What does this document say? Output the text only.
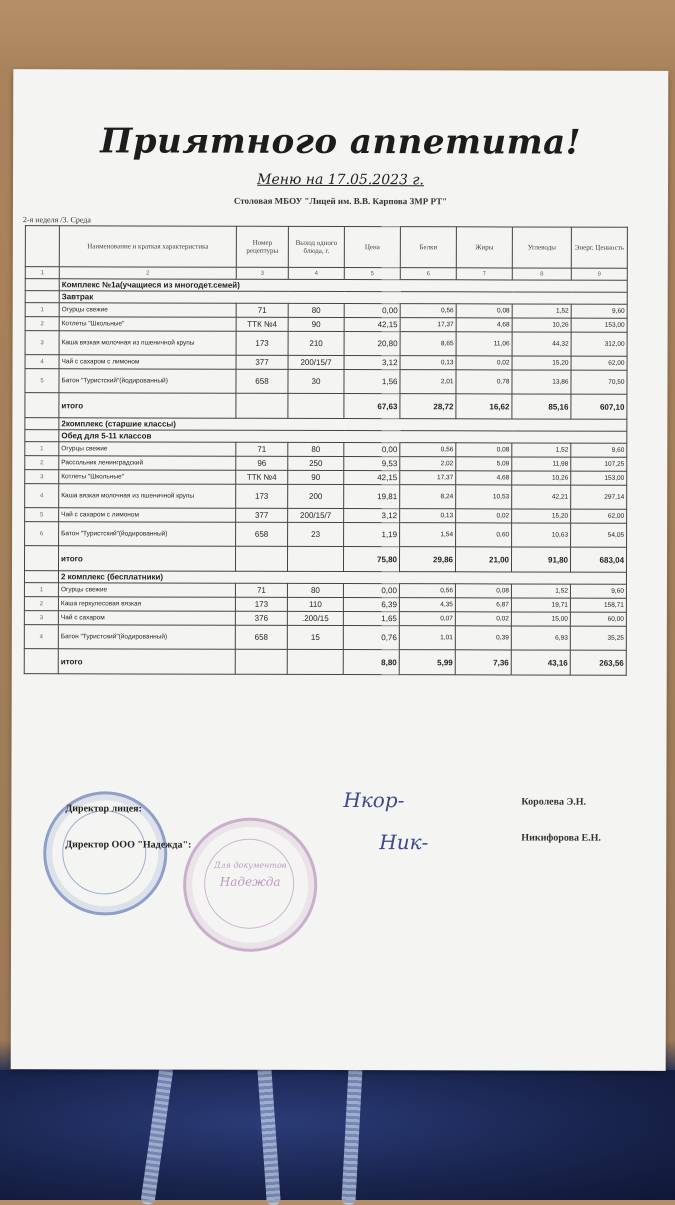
Приятного аппетита!
Меню на 17.05.2023 г.
Столовая МБОУ "Лицей им. В.В. Карпова ЗМР РТ"
2-я неделя /3. Среда
	Наименование и краткая характеристика	Номер рецептуры	Выход одного блюда, г.	Цена	Белки	Жиры	Углеводы	Энерг. Ценность
1	2	3	4	5	6	7	8	9
	Комплекс №1а(учащиеся из многодет.семей)							
	Завтрак							
1	Огурцы свежие	71	80	0,00	0,56	0,08	1,52	9,60
2	Котлеты "Школьные"	ТТК №4	90	42,15	17,37	4,68	10,26	153,00
3	Каша вязкая молочная из пшеничной крупы	173	210	20,80	8,65	11,06	44,32	312,00
4	Чай с сахаром с лимоном	377	200/15/7	3,12	0,13	0,02	15,20	62,00
5	Батон "Туристский"(йодированный)	658	30	1,56	2,01	0,78	13,86	70,50
	итого			67,63	28,72	16,62	85,16	607,10
	2комплекс (старшие классы)							
	Обед для 5-11 классов							
1	Огурцы свежие	71	80	0,00	0,56	0,08	1,52	9,60
2	Рассольник ленинградский	96	250	9,53	2,02	5,09	11,98	107,25
3	Котлеты "Школьные"	ТТК №4	90	42,15	17,37	4,68	10,26	153,00
4	Каша вязкая молочная из пшеничной крупы	173	200	19,81	8,24	10,53	42,21	297,14
5	Чай с сахаром с лимоном	377	200/15/7	3,12	0,13	0,02	15,20	62,00
6	Батон "Туристский"(йодированный)	658	23	1,19	1,54	0,60	10,63	54,05
	итого			75,80	29,86	21,00	91,80	683,04
	2 комплекс (бесплатники)							
1	Огурцы свежие	71	80	0,00	0,56	0,08	1,52	9,60
2	Каша геркулесовая вязкая	173	110	6,39	4,35	6,87	19,71	158,71
3	Чай с сахаром	376	.200/15	1,65	0,07	0,02	15,00	60,00
4	Батон "Туристский"(йодированный)	658	15	0,76	1,01	0,39	6,93	35,25
	итого			8,80	5,99	7,36	43,16	263,56
Для документов
Надежда
Директор лицея:	Нкор-	Королева Э.Н.
Директор ООО "Надежда":	Ник-	Никифорова Е.Н.
